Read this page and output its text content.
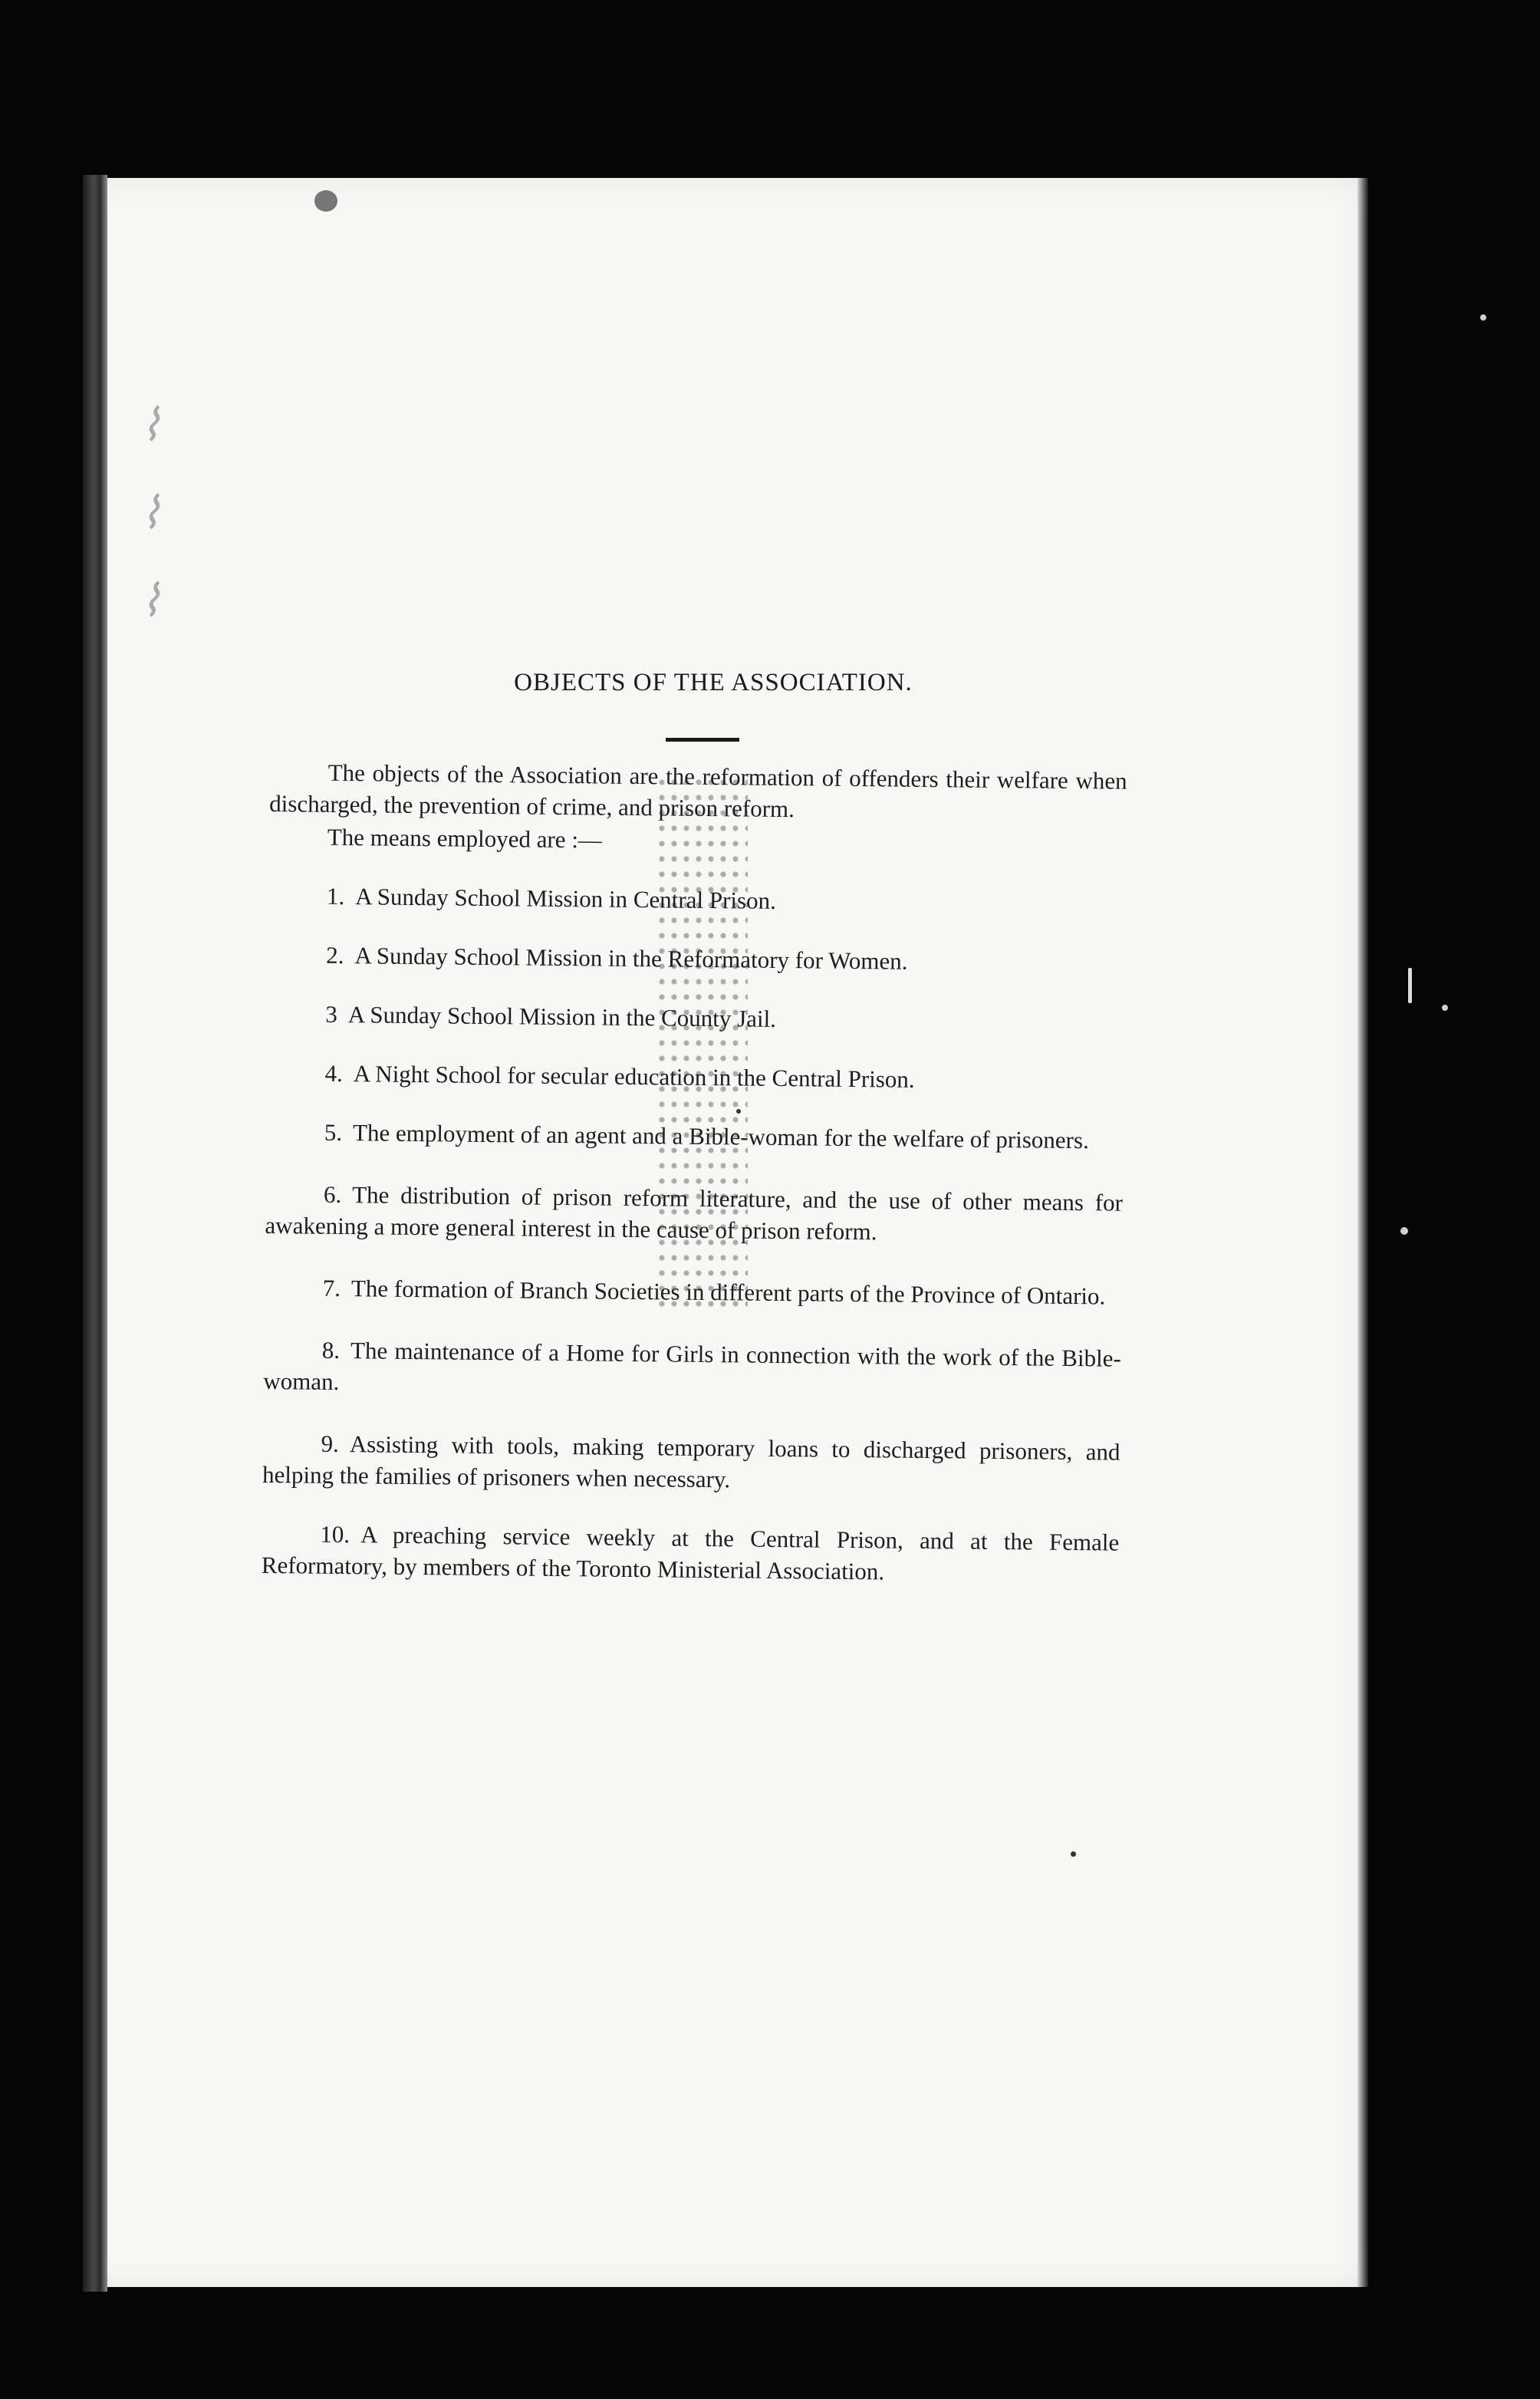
⌇ ⌇ ⌇
OBJECTS OF THE ASSOCIATION.

The objects of the Association are the reformation of offenders their welfare when discharged, the prevention of crime, and prison reform.

The means employed are :—

1. A Sunday School Mission in Central Prison.
2. A Sunday School Mission in the Reformatory for Women.
3 A Sunday School Mission in the County Jail.
4. A Night School for secular education in the Central Prison.
5. The employment of an agent and a Bible-woman for the welfare of prisoners.
6. The distribution of prison reform literature, and the use of other means for awakening a more general interest in the cause of prison reform.
7. The formation of Branch Societies in different parts of the Province of Ontario.
8. The maintenance of a Home for Girls in connection with the work of the Bible-woman.
9. Assisting with tools, making temporary loans to discharged prisoners, and helping the families of prisoners when necessary.
10. A preaching service weekly at the Central Prison, and at the Female Reformatory, by members of the Toronto Ministerial Association.
